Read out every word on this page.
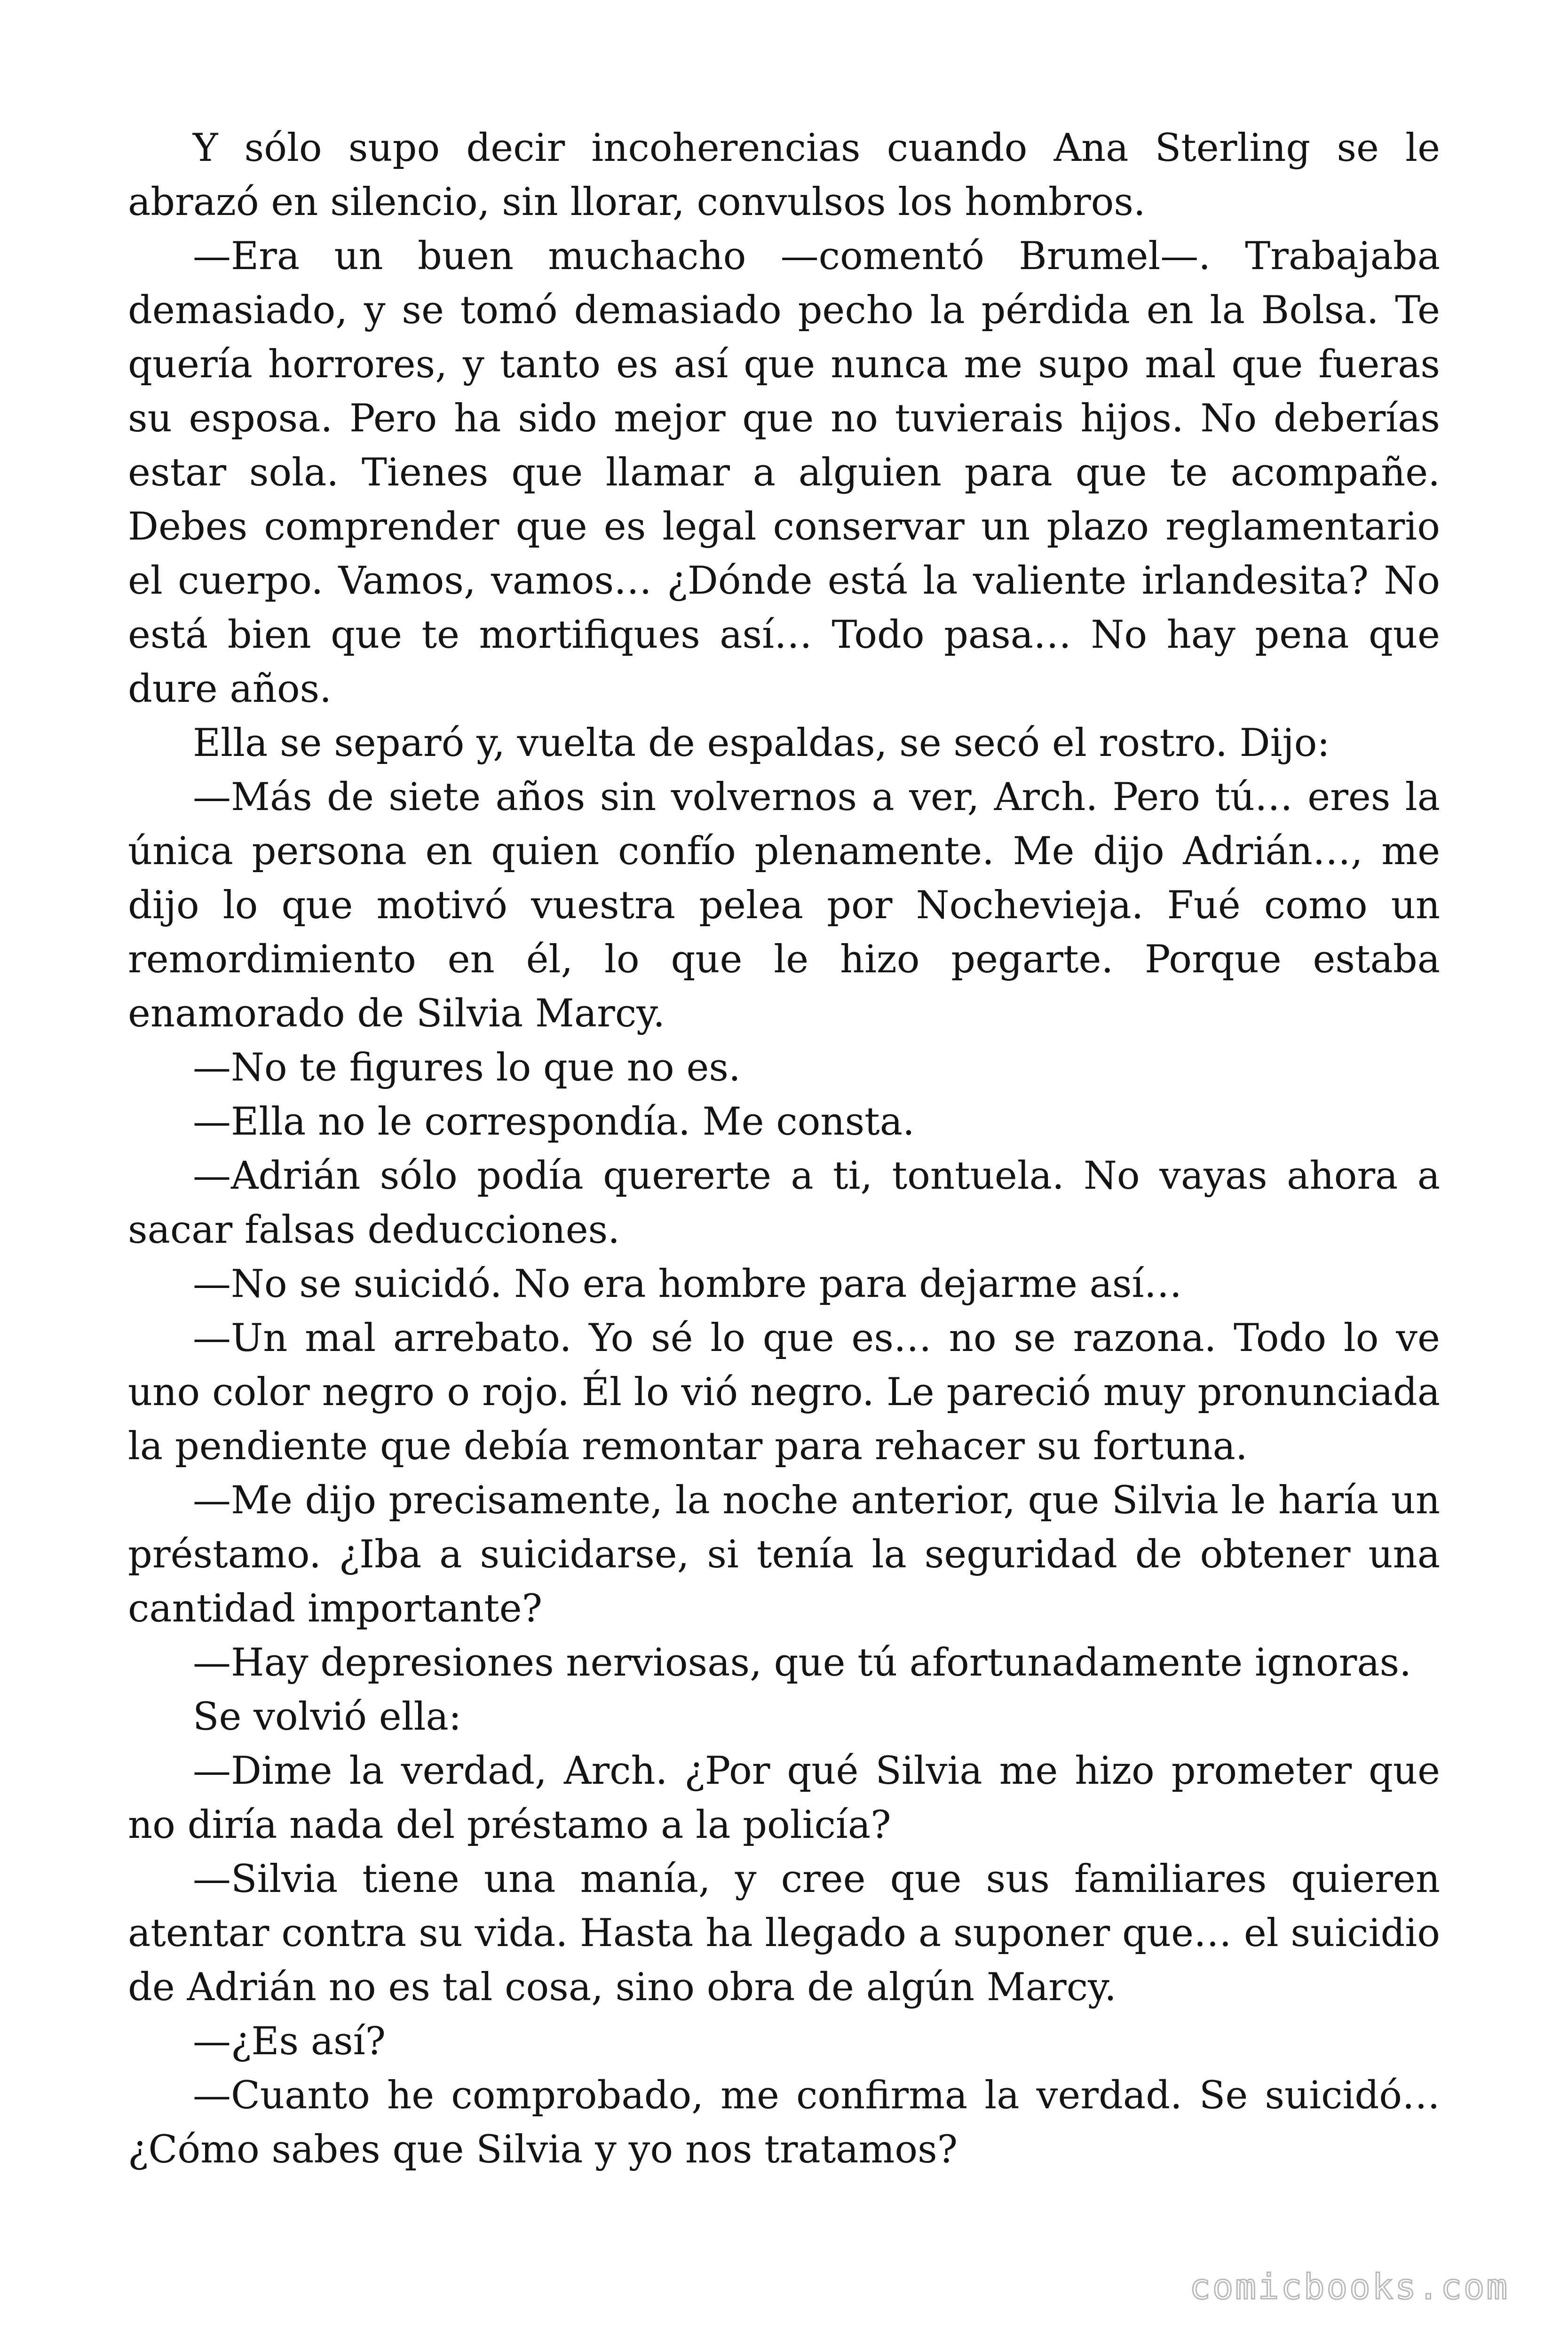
Y sólo supo decir incoherencias cuando Ana Sterling se le abrazó en silencio, sin llorar, convulsos los hombros.

—Era un buen muchacho —comentó Brumel—. Trabajaba demasiado, y se tomó demasiado pecho la pérdida en la Bolsa. Te quería horrores, y tanto es así que nunca me supo mal que fueras su esposa. Pero ha sido mejor que no tuvierais hijos. No deberías estar sola. Tienes que llamar a alguien para que te acompañe. Debes comprender que es legal conservar un plazo reglamentario el cuerpo. Vamos, vamos… ¿Dónde está la valiente irlandesita? No está bien que te mortifiques así… Todo pasa… No hay pena que dure años.

Ella se separó y, vuelta de espaldas, se secó el rostro. Dijo:

—Más de siete años sin volvernos a ver, Arch. Pero tú… eres la única persona en quien confío plenamente. Me dijo Adrián…, me dijo lo que motivó vuestra pelea por Nochevieja. Fué como un remordimiento en él, lo que le hizo pegarte. Porque estaba enamorado de Silvia Marcy.

—No te figures lo que no es.

—Ella no le correspondía. Me consta.

—Adrián sólo podía quererte a ti, tontuela. No vayas ahora a sacar falsas deducciones.

—No se suicidó. No era hombre para dejarme así…

—Un mal arrebato. Yo sé lo que es… no se razona. Todo lo ve uno color negro o rojo. Él lo vió negro. Le pareció muy pronunciada la pendiente que debía remontar para rehacer su fortuna.

—Me dijo precisamente, la noche anterior, que Silvia le haría un préstamo. ¿Iba a suicidarse, si tenía la seguridad de obtener una cantidad importante?

—Hay depresiones nerviosas, que tú afortunadamente ignoras.

Se volvió ella:

—Dime la verdad, Arch. ¿Por qué Silvia me hizo prometer que no diría nada del préstamo a la policía?

—Silvia tiene una manía, y cree que sus familiares quieren atentar contra su vida. Hasta ha llegado a suponer que… el suicidio de Adrián no es tal cosa, sino obra de algún Marcy.

—¿Es así?

—Cuanto he comprobado, me confirma la verdad. Se suicidó… ¿Cómo sabes que Silvia y yo nos tratamos?

comicbooks.com
